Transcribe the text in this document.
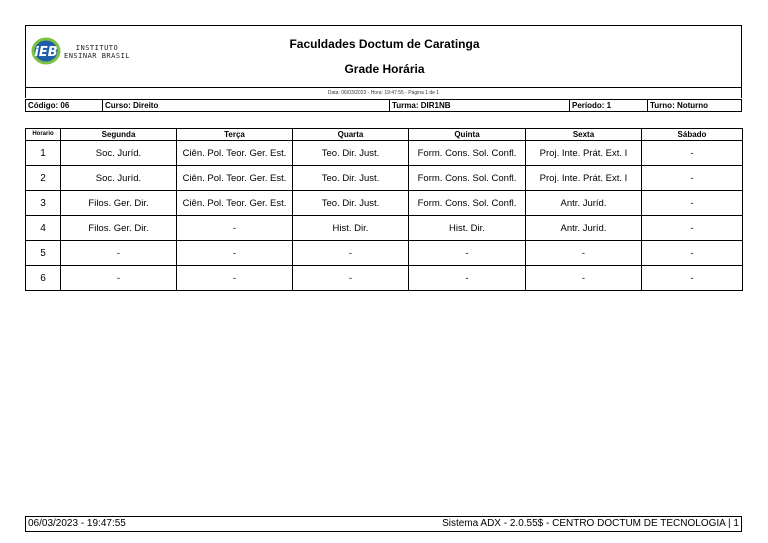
iEB	INSTITUTO
ENSINAR BRASIL
Faculdades Doctum de Caratinga
Grade Horária
Data: 06/03/2023 - Hora: 19:47:55 - Página 1 de 1
Código: 06	Curso: Direito	Turma: DIR1NB	Período: 1	Turno: Noturno
Horario	Segunda	Terça	Quarta	Quinta	Sexta	Sábado
1	Soc. Juríd.	Ciên. Pol. Teor. Ger. Est.	Teo. Dir. Just.	Form. Cons. Sol. Confl.	Proj. Inte. Prát. Ext. I	-
2	Soc. Juríd.	Ciên. Pol. Teor. Ger. Est.	Teo. Dir. Just.	Form. Cons. Sol. Confl.	Proj. Inte. Prát. Ext. I	-
3	Filos. Ger. Dir.	Ciên. Pol. Teor. Ger. Est.	Teo. Dir. Just.	Form. Cons. Sol. Confl.	Antr. Juríd.	-
4	Filos. Ger. Dir.	-	Hist. Dir.	Hist. Dir.	Antr. Juríd.	-
5	-	-	-	-	-	-
6	-	-	-	-	-	-
06/03/2023 - 19:47:55	Sistema ADX - 2.0.55$ - CENTRO DOCTUM DE TECNOLOGIA | 1
